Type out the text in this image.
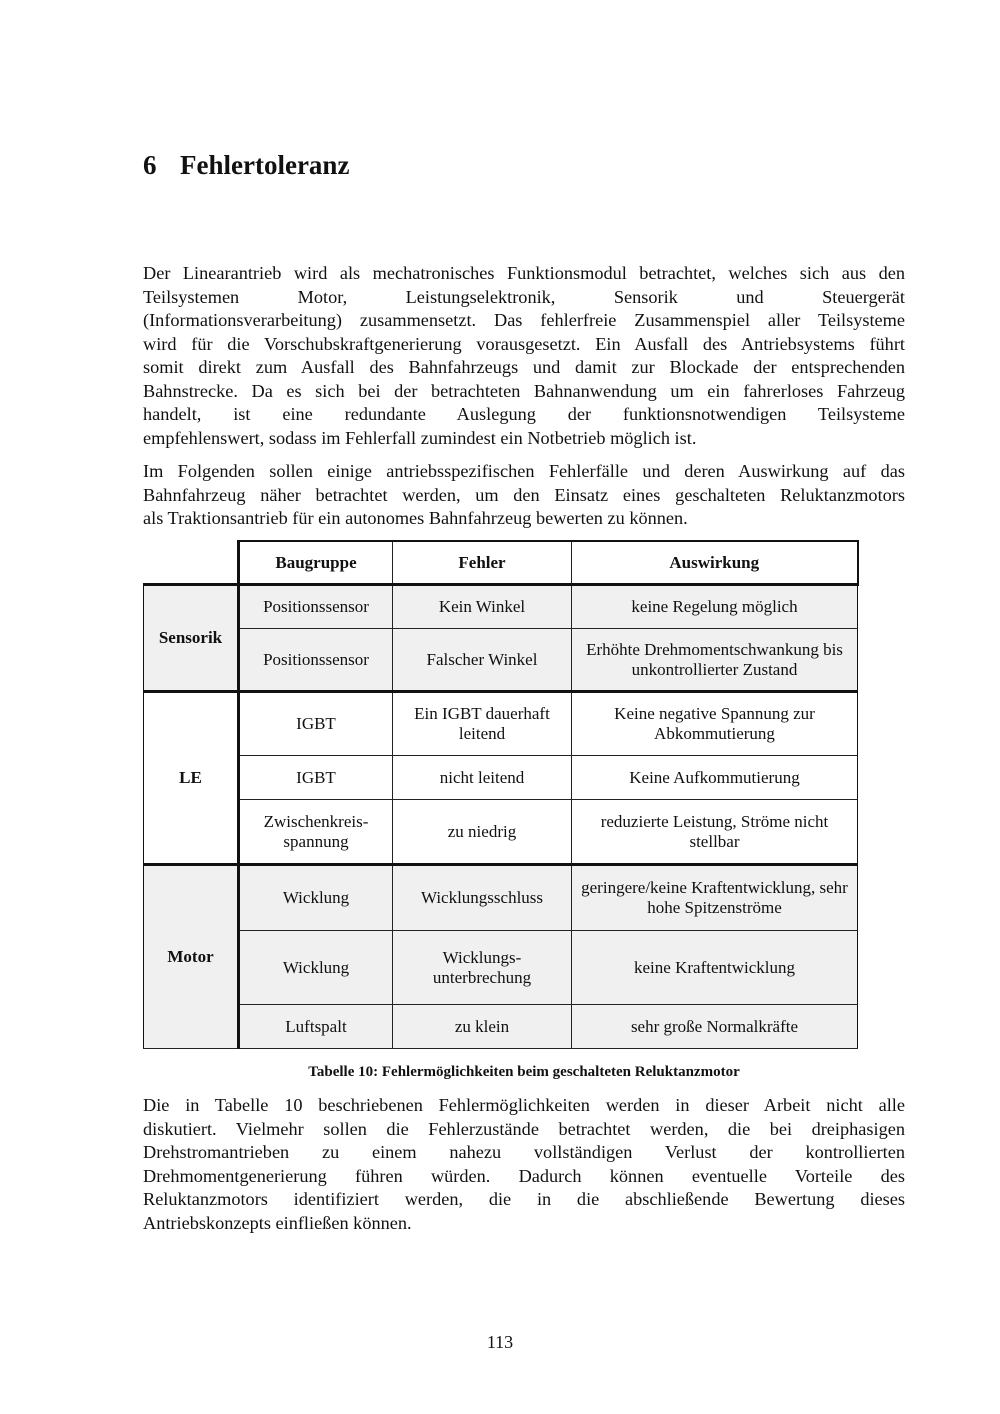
6 Fehlertoleranz
Der Linearantrieb wird als mechatronisches Funktionsmodul betrachtet, welches sich aus den
Teilsystemen Motor, Leistungselektronik, Sensorik und Steuergerät
(Informationsverarbeitung) zusammensetzt. Das fehlerfreie Zusammenspiel aller Teilsysteme
wird für die Vorschubskraftgenerierung vorausgesetzt. Ein Ausfall des Antriebsystems führt
somit direkt zum Ausfall des Bahnfahrzeugs und damit zur Blockade der entsprechenden
Bahnstrecke. Da es sich bei der betrachteten Bahnanwendung um ein fahrerloses Fahrzeug
handelt, ist eine redundante Auslegung der funktionsnotwendigen Teilsysteme
empfehlenswert, sodass im Fehlerfall zumindest ein Notbetrieb möglich ist.
Im Folgenden sollen einige antriebsspezifischen Fehlerfälle und deren Auswirkung auf das
Bahnfahrzeug näher betrachtet werden, um den Einsatz eines geschalteten Reluktanzmotors
als Traktionsantrieb für ein autonomes Bahnfahrzeug bewerten zu können.
	Baugruppe	Fehler	Auswirkung
Sensorik	Positionssensor	Kein Winkel	keine Regelung möglich
	Positionssensor	Falscher Winkel	Erhöhte Drehmomentschwankung bis unkontrollierter Zustand
LE	IGBT	Ein IGBT dauerhaft leitend	Keine negative Spannung zur Abkommutierung
	IGBT	nicht leitend	Keine Aufkommutierung
	Zwischenkreis-spannung	zu niedrig	reduzierte Leistung, Ströme nicht stellbar
Motor	Wicklung	Wicklungsschluss	geringere/keine Kraftentwicklung, sehr hohe Spitzenströme
	Wicklung	Wicklungs-unterbrechung	keine Kraftentwicklung
	Luftspalt	zu klein	sehr große Normalkräfte
Tabelle 10: Fehlermöglichkeiten beim geschalteten Reluktanzmotor
Die in Tabelle 10 beschriebenen Fehlermöglichkeiten werden in dieser Arbeit nicht alle
diskutiert. Vielmehr sollen die Fehlerzustände betrachtet werden, die bei dreiphasigen
Drehstromantrieben zu einem nahezu vollständigen Verlust der kontrollierten
Drehmomentgenerierung führen würden. Dadurch können eventuelle Vorteile des
Reluktanzmotors identifiziert werden, die in die abschließende Bewertung dieses
Antriebskonzepts einfließen können.
113
